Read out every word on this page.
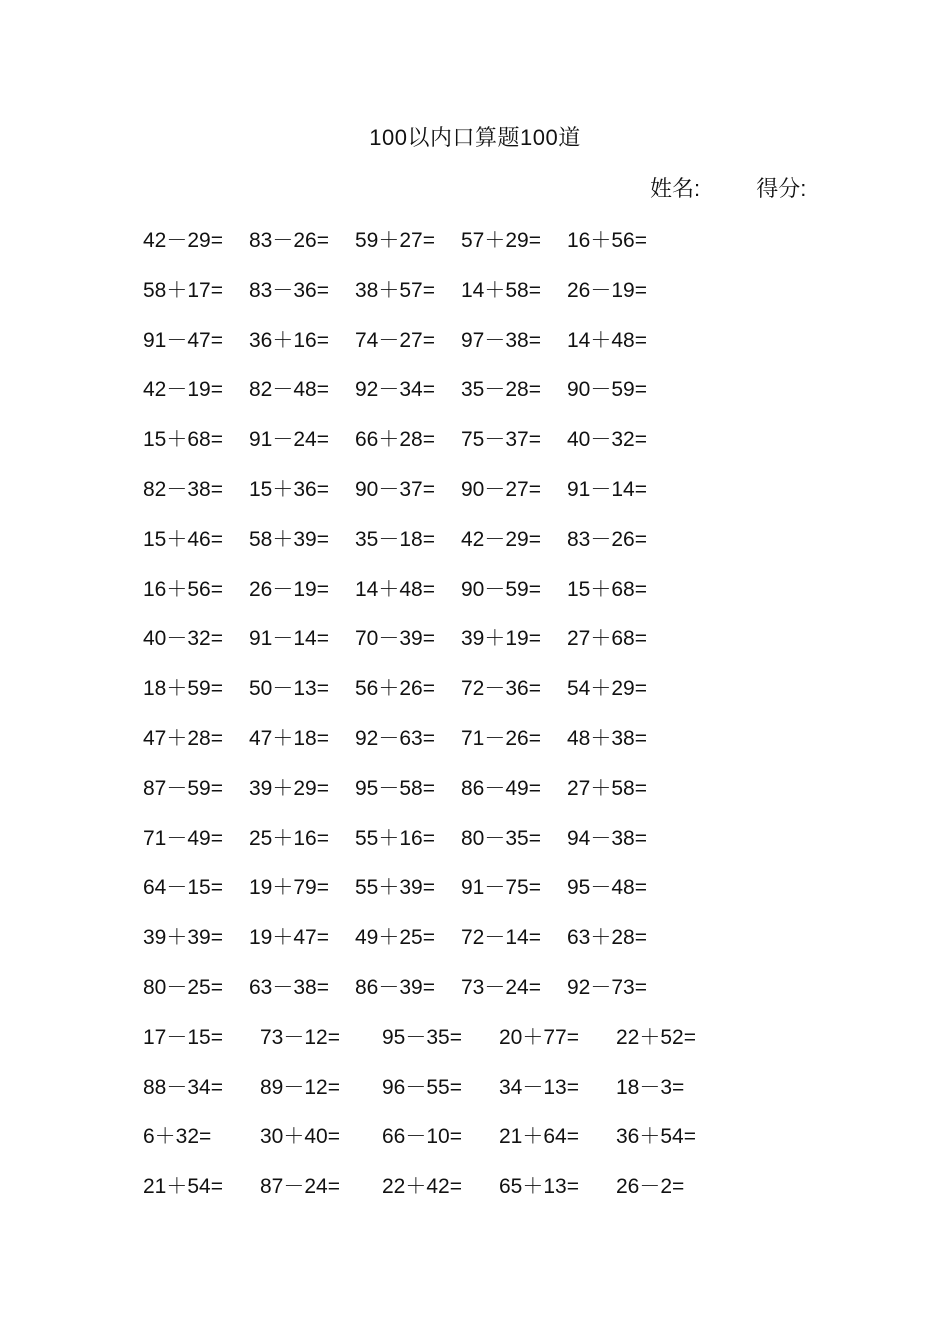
100以内口算题100道
姓名:	得分:
42－29= 83－26= 59＋27= 57＋29= 16＋56=
58＋17= 83－36= 38＋57= 14＋58= 26－19=
91－47= 36＋16= 74－27= 97－38= 14＋48=
42－19= 82－48= 92－34= 35－28= 90－59=
15＋68= 91－24= 66＋28= 75－37= 40－32=
82－38= 15＋36= 90－37= 90－27= 91－14=
15＋46= 58＋39= 35－18= 42－29= 83－26=
16＋56= 26－19= 14＋48= 90－59= 15＋68=
40－32= 91－14= 70－39= 39＋19= 27＋68=
18＋59= 50－13= 56＋26= 72－36= 54＋29=
47＋28= 47＋18= 92－63= 71－26= 48＋38=
87－59= 39＋29= 95－58= 86－49= 27＋58=
71－49= 25＋16= 55＋16= 80－35= 94－38=
64－15= 19＋79= 55＋39= 91－75= 95－48=
39＋39= 19＋47= 49＋25= 72－14= 63＋28=
80－25= 63－38= 86－39= 73－24= 92－73=
17－15= 73－12= 95－35= 20＋77= 22＋52=
88－34= 89－12= 96－55= 34－13= 18－3=
6＋32= 30＋40= 66－10= 21＋64= 36＋54=
21＋54= 87－24= 22＋42= 65＋13= 26－2=
